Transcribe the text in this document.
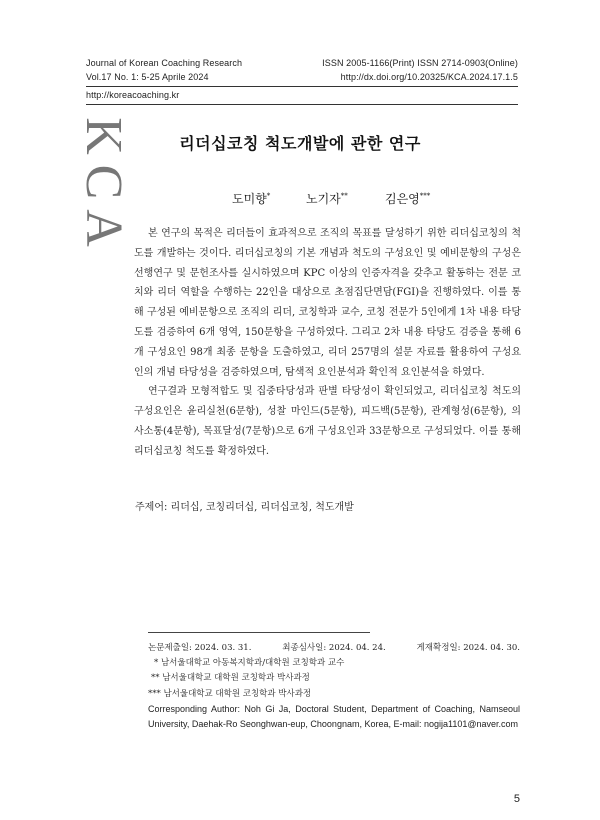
Journal of Korean Coaching Research	ISSN 2005-1166(Print) ISSN 2714-0903(Online)
Vol.17 No. 1: 5-25 Aprile 2024	http://dx.doi.org/10.20325/KCA.2024.17.1.5
http://koreacoaching.kr
K
C
A
리더십코칭 척도개발에 관한 연구
도미향*	노기자**	김은영***

본 연구의 목적은 리더들이 효과적으로 조직의 목표를 달성하기 위한 리더십코칭의 척도를 개발하는 것이다. 리더십코칭의 기본 개념과 척도의 구성요인 및 예비문항의 구성은 선행연구 및 문헌조사를 실시하였으며 KPC 이상의 인증자격을 갖추고 활동하는 전문 코치와 리더 역할을 수행하는 22인을 대상으로 초점집단면담(FGI)을 진행하였다. 이를 통해 구성된 예비문항으로 조직의 리더, 코칭학과 교수, 코칭 전문가 5인에게 1차 내용 타당도를 검증하여 6개 영역, 150문항을 구성하였다. 그리고 2차 내용 타당도 검증을 통해 6개 구성요인 98개 최종 문항을 도출하였고, 리더 257명의 설문 자료를 활용하여 구성요인의 개념 타당성을 검증하였으며, 탐색적 요인분석과 확인적 요인분석을 하였다.

연구결과 모형적합도 및 집중타당성과 판별 타당성이 확인되었고, 리더십코칭 척도의 구성요인은 윤리실천(6문항), 성찰 마인드(5문항), 피드백(5문항), 관계형성(6문항), 의사소통(4문항), 목표달성(7문항)으로 6개 구성요인과 33문항으로 구성되었다. 이를 통해 리더십코칭 척도를 확정하였다.

주제어: 리더십, 코칭리더십, 리더십코칭, 척도개발
논문제출일: 2024. 03. 31.	최종심사일: 2024. 04. 24.	게재확정일: 2024. 04. 30.
* 남서울대학교 아동복지학과/대학원 코칭학과 교수
** 남서울대학교 대학원 코칭학과 박사과정
*** 남서울대학교 대학원 코칭학과 박사과정
Corresponding Author: Noh Gi Ja, Doctoral Student, Department of Coaching, Namseoul University, Daehak-Ro Seonghwan-eup, Choongnam, Korea, E-mail: nogija1101@naver.com
5
